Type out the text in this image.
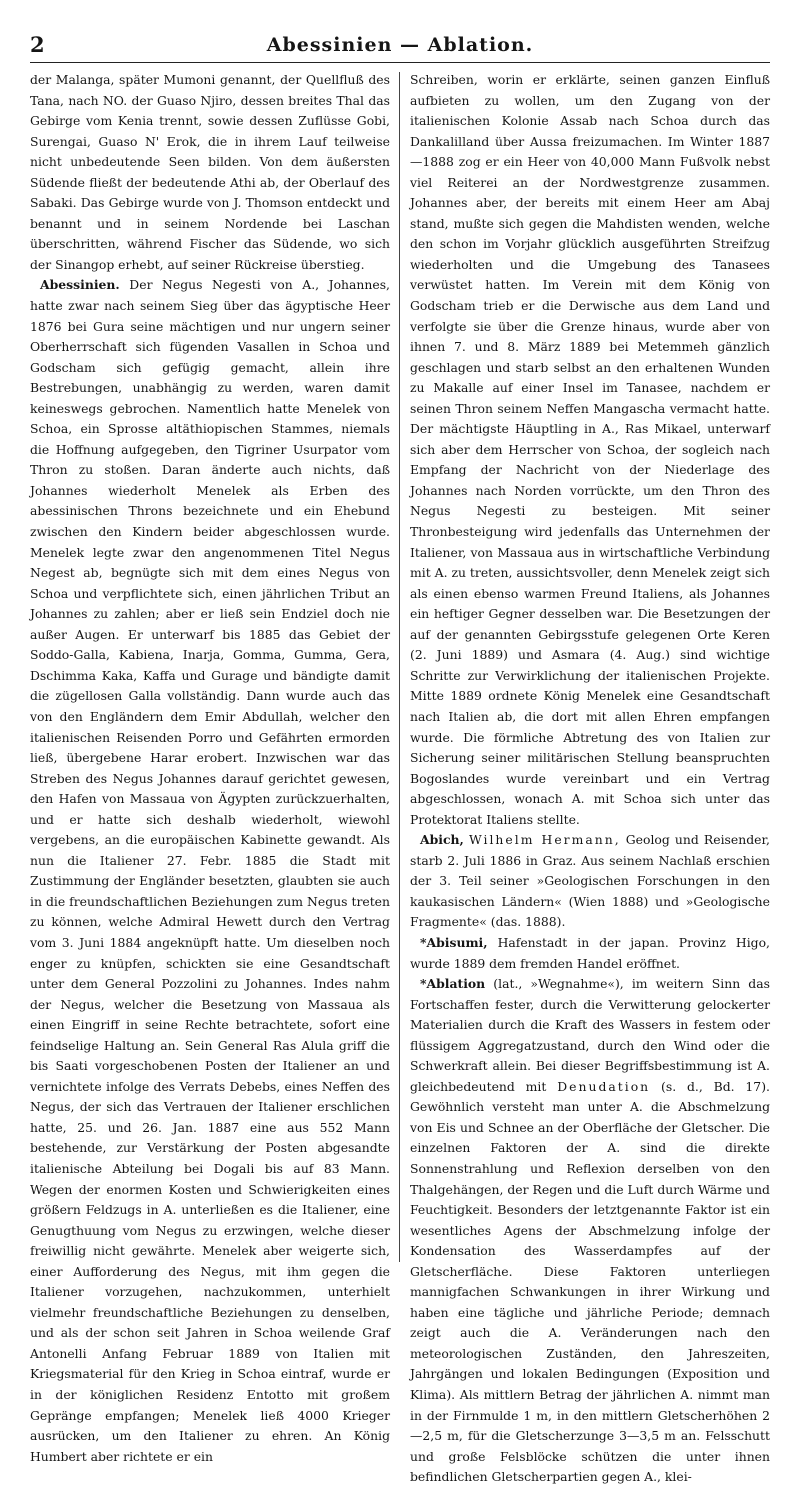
2	Abessinien — Ablation.

der Malanga, später Mumoni genannt, der Quellfluß des Tana, nach NO. der Guaso Njiro, dessen breites Thal das Gebirge vom Kenia trennt, sowie dessen Zuflüsse Gobi, Surengai, Guaso N' Erok, die in ihrem Lauf teilweise nicht unbedeutende Seen bilden. Von dem äußersten Südende fließt der bedeutende Athi ab, der Oberlauf des Sabaki. Das Gebirge wurde von J. Thomson entdeckt und benannt und in seinem Nordende bei Laschan überschritten, während Fischer das Südende, wo sich der Sinangop erhebt, auf seiner Rückreise überstieg.

Abessinien. Der Negus Negesti von A., Johannes, hatte zwar nach seinem Sieg über das ägyptische Heer 1876 bei Gura seine mächtigen und nur ungern seiner Oberherrschaft sich fügenden Vasallen in Schoa und Godscham sich gefügig gemacht, allein ihre Bestrebungen, unabhängig zu werden, waren damit keineswegs gebrochen. Namentlich hatte Menelek von Schoa, ein Sprosse altäthiopischen Stammes, niemals die Hoffnung aufgegeben, den Tigriner Usurpator vom Thron zu stoßen. Daran änderte auch nichts, daß Johannes wiederholt Menelek als Erben des abessinischen Throns bezeichnete und ein Ehebund zwischen den Kindern beider abgeschlossen wurde. Menelek legte zwar den angenommenen Titel Negus Negest ab, begnügte sich mit dem eines Negus von Schoa und verpflichtete sich, einen jährlichen Tribut an Johannes zu zahlen; aber er ließ sein Endziel doch nie außer Augen. Er unterwarf bis 1885 das Gebiet der Soddo-Galla, Kabiena, Inarja, Gomma, Gumma, Gera, Dschimma Kaka, Kaffa und Gurage und bändigte damit die zügellosen Galla vollständig. Dann wurde auch das von den Engländern dem Emir Abdullah, welcher den italienischen Reisenden Porro und Gefährten ermorden ließ, übergebene Harar erobert. Inzwischen war das Streben des Negus Johannes darauf gerichtet gewesen, den Hafen von Massaua von Ägypten zurückzuerhalten, und er hatte sich deshalb wiederholt, wiewohl vergebens, an die europäischen Kabinette gewandt. Als nun die Italiener 27. Febr. 1885 die Stadt mit Zustimmung der Engländer besetzten, glaubten sie auch in die freundschaftlichen Beziehungen zum Negus treten zu können, welche Admiral Hewett durch den Vertrag vom 3. Juni 1884 angeknüpft hatte. Um dieselben noch enger zu knüpfen, schickten sie eine Gesandtschaft unter dem General Pozzolini zu Johannes. Indes nahm der Negus, welcher die Besetzung von Massaua als einen Eingriff in seine Rechte betrachtete, sofort eine feindselige Haltung an. Sein General Ras Alula griff die bis Saati vorgeschobenen Posten der Italiener an und vernichtete infolge des Verrats Debebs, eines Neffen des Negus, der sich das Vertrauen der Italiener erschlichen hatte, 25. und 26. Jan. 1887 eine aus 552 Mann bestehende, zur Verstärkung der Posten abgesandte italienische Abteilung bei Dogali bis auf 83 Mann. Wegen der enormen Kosten und Schwierigkeiten eines größern Feldzugs in A. unterließen es die Italiener, eine Genugthuung vom Negus zu erzwingen, welche dieser freiwillig nicht gewährte. Menelek aber weigerte sich, einer Aufforderung des Negus, mit ihm gegen die Italiener vorzugehen, nachzukommen, unterhielt vielmehr freundschaftliche Beziehungen zu denselben, und als der schon seit Jahren in Schoa weilende Graf Antonelli Anfang Februar 1889 von Italien mit Kriegsmaterial für den Krieg in Schoa eintraf, wurde er in der königlichen Residenz Entotto mit großem Gepränge empfangen; Menelek ließ 4000 Krieger ausrücken, um den Italiener zu ehren. An König Humbert aber richtete er ein

Schreiben, worin er erklärte, seinen ganzen Einfluß aufbieten zu wollen, um den Zugang von der italienischen Kolonie Assab nach Schoa durch das Dankalilland über Aussa freizumachen. Im Winter 1887—1888 zog er ein Heer von 40,000 Mann Fußvolk nebst viel Reiterei an der Nordwestgrenze zusammen. Johannes aber, der bereits mit einem Heer am Abaj stand, mußte sich gegen die Mahdisten wenden, welche den schon im Vorjahr glücklich ausgeführten Streifzug wiederholten und die Umgebung des Tanasees verwüstet hatten. Im Verein mit dem König von Godscham trieb er die Derwische aus dem Land und verfolgte sie über die Grenze hinaus, wurde aber von ihnen 7. und 8. März 1889 bei Metemmeh gänzlich geschlagen und starb selbst an den erhaltenen Wunden zu Makalle auf einer Insel im Tanasee, nachdem er seinen Thron seinem Neffen Mangascha vermacht hatte. Der mächtigste Häuptling in A., Ras Mikael, unterwarf sich aber dem Herrscher von Schoa, der sogleich nach Empfang der Nachricht von der Niederlage des Johannes nach Norden vorrückte, um den Thron des Negus Negesti zu besteigen. Mit seiner Thronbesteigung wird jedenfalls das Unternehmen der Italiener, von Massaua aus in wirtschaftliche Verbindung mit A. zu treten, aussichtsvoller, denn Menelek zeigt sich als einen ebenso warmen Freund Italiens, als Johannes ein heftiger Gegner desselben war. Die Besetzungen der auf der genannten Gebirgsstufe gelegenen Orte Keren (2. Juni 1889) und Asmara (4. Aug.) sind wichtige Schritte zur Verwirklichung der italienischen Projekte. Mitte 1889 ordnete König Menelek eine Gesandtschaft nach Italien ab, die dort mit allen Ehren empfangen wurde. Die förmliche Abtretung des von Italien zur Sicherung seiner militärischen Stellung beanspruchten Bogoslandes wurde vereinbart und ein Vertrag abgeschlossen, wonach A. mit Schoa sich unter das Protektorat Italiens stellte.

Abich, Wilhelm Hermann, Geolog und Reisender, starb 2. Juli 1886 in Graz. Aus seinem Nachlaß erschien der 3. Teil seiner »Geologischen Forschungen in den kaukasischen Ländern« (Wien 1888) und »Geologische Fragmente« (das. 1888).

*Abisumi, Hafenstadt in der japan. Provinz Higo, wurde 1889 dem fremden Handel eröffnet.

*Ablation (lat., »Wegnahme«), im weitern Sinn das Fortschaffen fester, durch die Verwitterung gelockerter Materialien durch die Kraft des Wassers in festem oder flüssigem Aggregatzustand, durch den Wind oder die Schwerkraft allein. Bei dieser Begriffsbestimmung ist A. gleichbedeutend mit Denudation (s. d., Bd. 17). Gewöhnlich versteht man unter A. die Abschmelzung von Eis und Schnee an der Oberfläche der Gletscher. Die einzelnen Faktoren der A. sind die direkte Sonnenstrahlung und Reflexion derselben von den Thalgehängen, der Regen und die Luft durch Wärme und Feuchtigkeit. Besonders der letztgenannte Faktor ist ein wesentliches Agens der Abschmelzung infolge der Kondensation des Wasserdampfes auf der Gletscherfläche. Diese Faktoren unterliegen mannigfachen Schwankungen in ihrer Wirkung und haben eine tägliche und jährliche Periode; demnach zeigt auch die A. Veränderungen nach den meteorologischen Zuständen, den Jahreszeiten, Jahrgängen und lokalen Bedingungen (Exposition und Klima). Als mittlern Betrag der jährlichen A. nimmt man in der Firnmulde 1 m, in den mittlern Gletscherhöhen 2—2,5 m, für die Gletscherzunge 3—3,5 m an. Felsschutt und große Felsblöcke schützen die unter ihnen befindlichen Gletscherpartien gegen A., klei-
